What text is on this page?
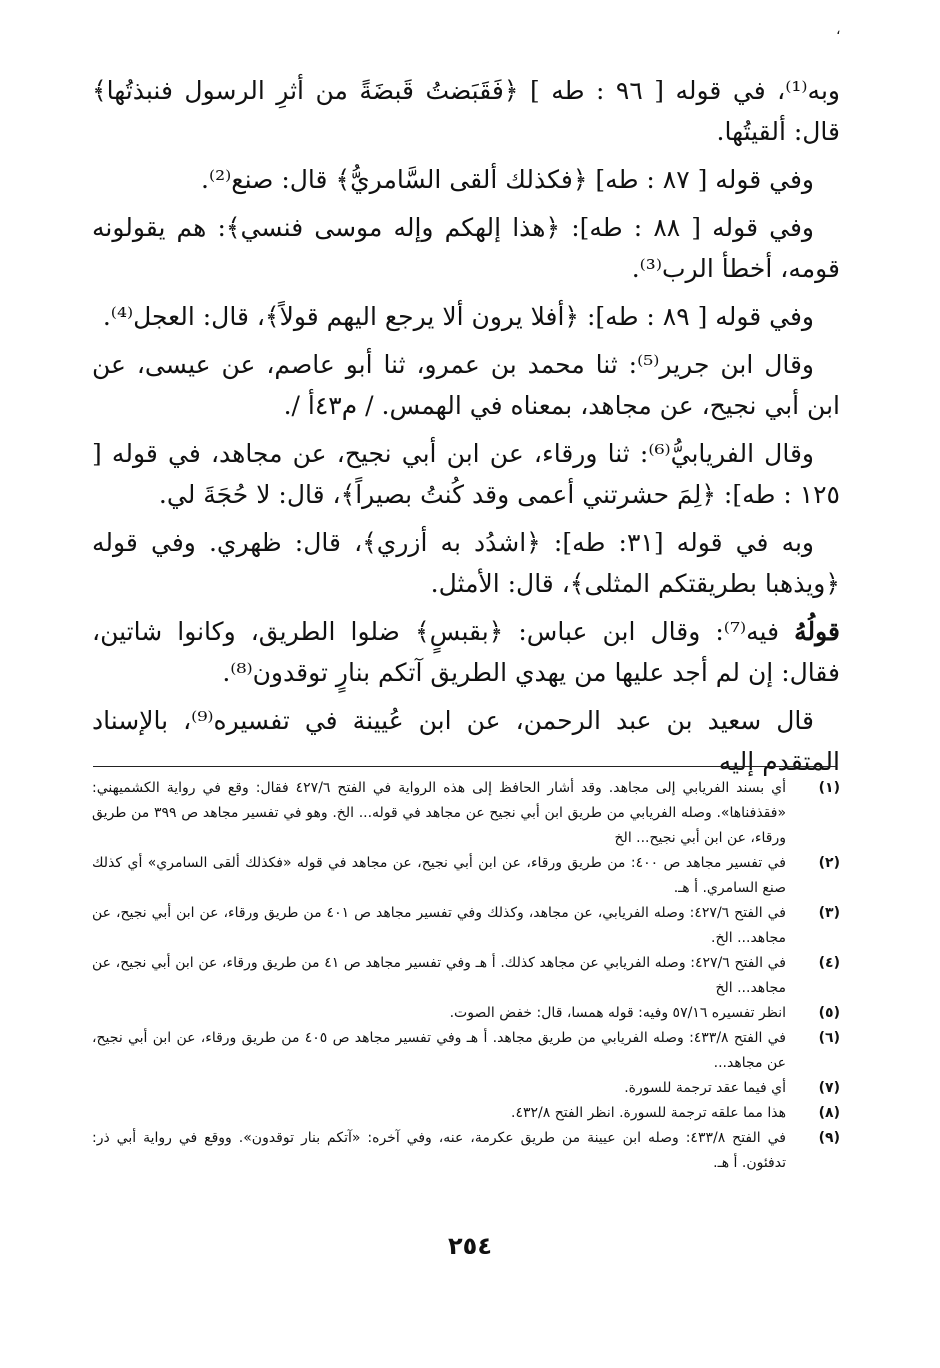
،

وبه⁽¹⁾، في قوله [ ٩٦ : طه ] ﴿فَقَبَضتُ قَبضَةً من أثرِ الرسول فنبذتُها﴾ قال: ألقيتُها.

وفي قوله [ ٨٧ : طه] ﴿فكذلك ألقى السَّامريُّ﴾ قال: صنع⁽²⁾.

وفي قوله [ ٨٨ : طه]: ﴿هذا إلهكم وإله موسى فنسي﴾: هم يقولونه قومه، أخطأ الرب⁽³⁾.

وفي قوله [ ٨٩ : طه]: ﴿أفلا يرون ألا يرجع اليهم قولاً﴾، قال: العجل⁽⁴⁾.

وقال ابن جرير⁽⁵⁾: ثنا محمد بن عمرو، ثنا أبو عاصم، عن عيسى، عن ابن أبي نجيح، عن مجاهد، بمعناه في الهمس. / م٤٣أ /.

وقال الفريابيُّ⁽⁶⁾: ثنا ورقاء، عن ابن أبي نجيح، عن مجاهد، في قوله [ ١٢٥ : طه]: ﴿لِمَ حشرتني أعمى وقد كُنتُ بصيراً﴾، قال: لا حُجَةَ لي.

وبه في قوله [٣١: طه]: ﴿اشدُد به أزري﴾، قال: ظهري. وفي قوله ﴿ويذهبا بطريقتكم المثلى﴾، قال: الأمثل.

قولُهُ فيه⁽⁷⁾: وقال ابن عباس: ﴿بقبسٍ﴾ ضلوا الطريق، وكانوا شاتين، فقال: إن لم أجد عليها من يهدي الطريق آتكم بنارٍ توقدون⁽⁸⁾.

قال سعيد بن عبد الرحمن، عن ابن عُيينة في تفسيره⁽⁹⁾، بالإسناد المتقدم إليه

(١)
أي بسند الفريابي إلى مجاهد. وقد أشار الحافظ إلى هذه الرواية في الفتح ٤٢٧/٦ فقال: وقع في رواية الكشميهني: «فقذفناها». وصله الفريابي من طريق ابن أبي نجيح عن مجاهد في قوله... الخ. وهو في تفسير مجاهد ص ٣٩٩ من طريق ورقاء، عن ابن أبي نجيح... الخ
(٢)
في تفسير مجاهد ص ٤٠٠: من طريق ورقاء، عن ابن أبي نجيح، عن مجاهد في قوله «فكذلك ألقى السامري» أي كذلك صنع السامري. أ هـ.
(٣)
في الفتح ٤٢٧/٦: وصله الفريابي، عن مجاهد، وكذلك وفي تفسير مجاهد ص ٤٠١ من طريق ورقاء، عن ابن أبي نجيح، عن مجاهد... الخ.
(٤)
في الفتح ٤٢٧/٦: وصله الفريابي عن مجاهد كذلك. أ هـ وفي تفسير مجاهد ص ٤١ من طريق ورقاء، عن ابن أبي نجيح، عن مجاهد... الخ
(٥)
انظر تفسيره ٥٧/١٦ وفيه: قوله همسا، قال: خفض الصوت.
(٦)
في الفتح ٤٣٣/٨: وصله الفريابي من طريق مجاهد. أ هـ وفي تفسير مجاهد ص ٤٠٥ من طريق ورقاء، عن ابن أبي نجيح، عن مجاهد...
(٧)
أي فيما عقد ترجمة للسورة.
(٨)
هذا مما علقه ترجمة للسورة. انظر الفتح ٤٣٢/٨.
(٩)
في الفتح ٤٣٣/٨: وصله ابن عيينة من طريق عكرمة، عنه، وفي آخره: «آتكم بنار توقدون». ووقع في رواية أبي ذر: تدفئون. أ هـ.
٢٥٤
